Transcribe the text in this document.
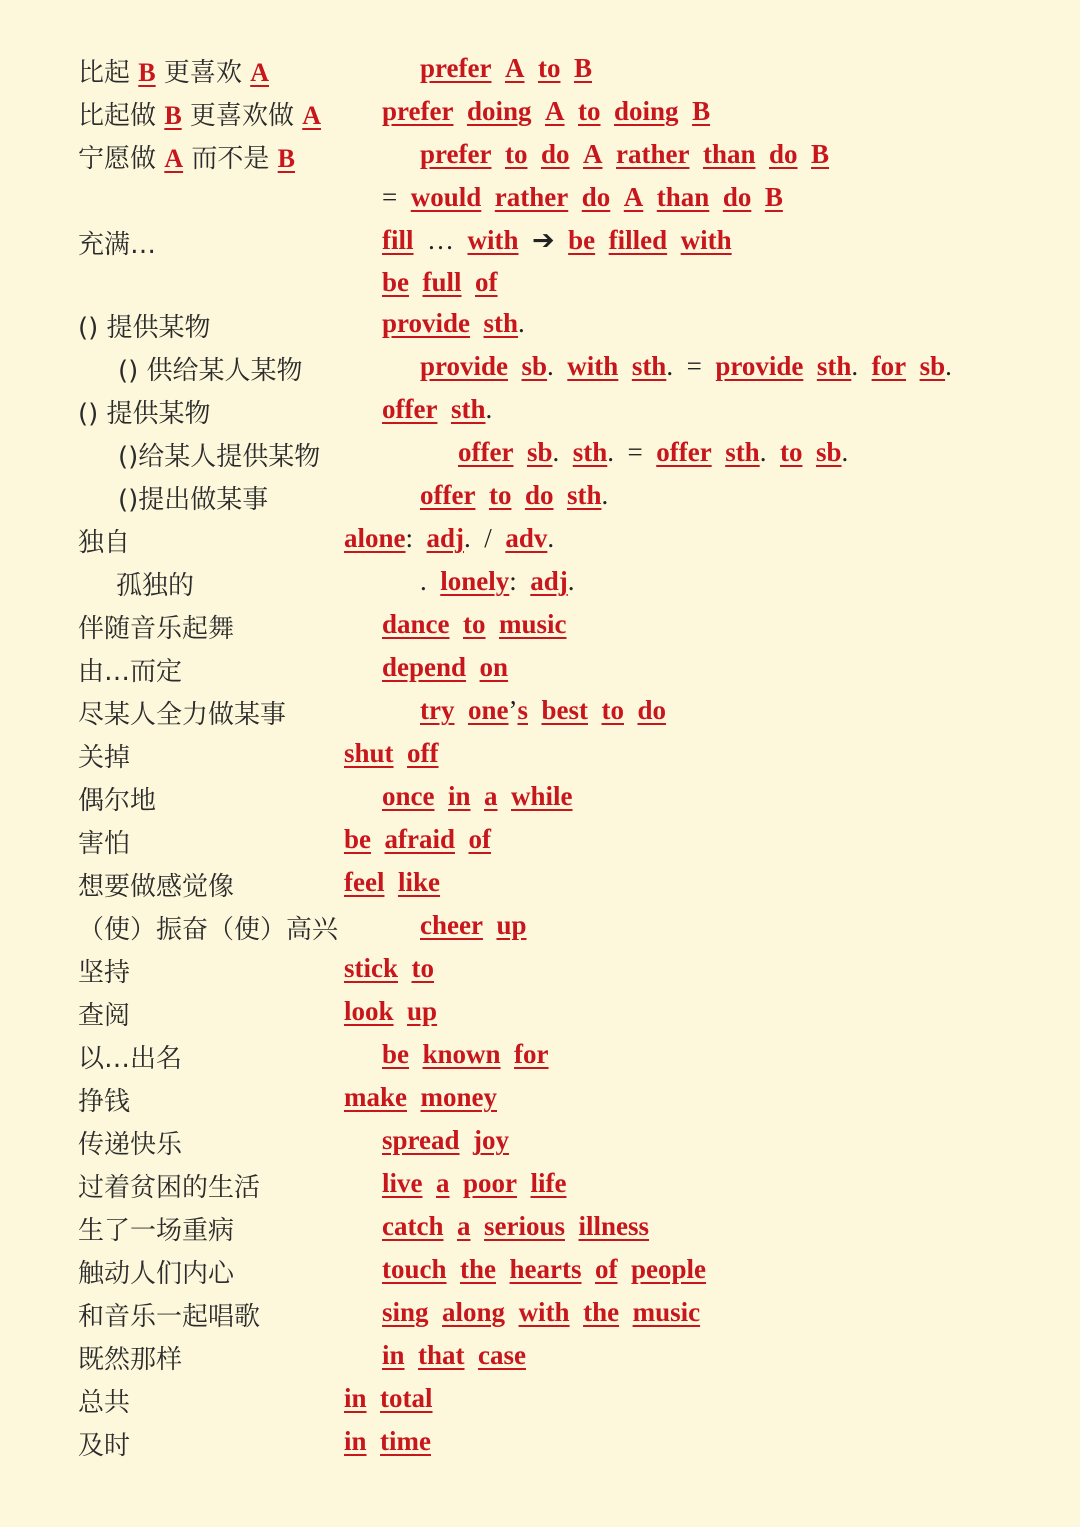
比起 B 更喜欢 A	prefer A to B
比起做 B 更喜欢做 A prefer doing A to doing B
宁愿做 A 而不是 B	prefer to do A rather than do B
= would rather do A than do B
充满…	fill … with ➔ be filled with
be full of
() 提供某物	provide sth.
() 供给某人某物	provide sb. with sth. = provide sth. for sb.
() 提供某物	offer sth.
()给某人提供某物	offer sb. sth. = offer sth. to sb.
()提出做某事	offer to do sth.
独自	alone: adj. / adv.
孤独的	. lonely: adj.
伴随音乐起舞	dance to music
由…而定	depend on
尽某人全力做某事	try one’s best to do
关掉	shut off
偶尔地	once in a while
害怕	be afraid of
想要做感觉像	feel like
（使）振奋（使）高兴	cheer up
坚持	stick to
查阅	look up
以…出名	be known for
挣钱	make money
传递快乐	spread joy
过着贫困的生活	live a poor life
生了一场重病	catch a serious illness
触动人们内心	touch the hearts of people
和音乐一起唱歌	sing along with the music
既然那样	in that case
总共	in total
及时	in time
